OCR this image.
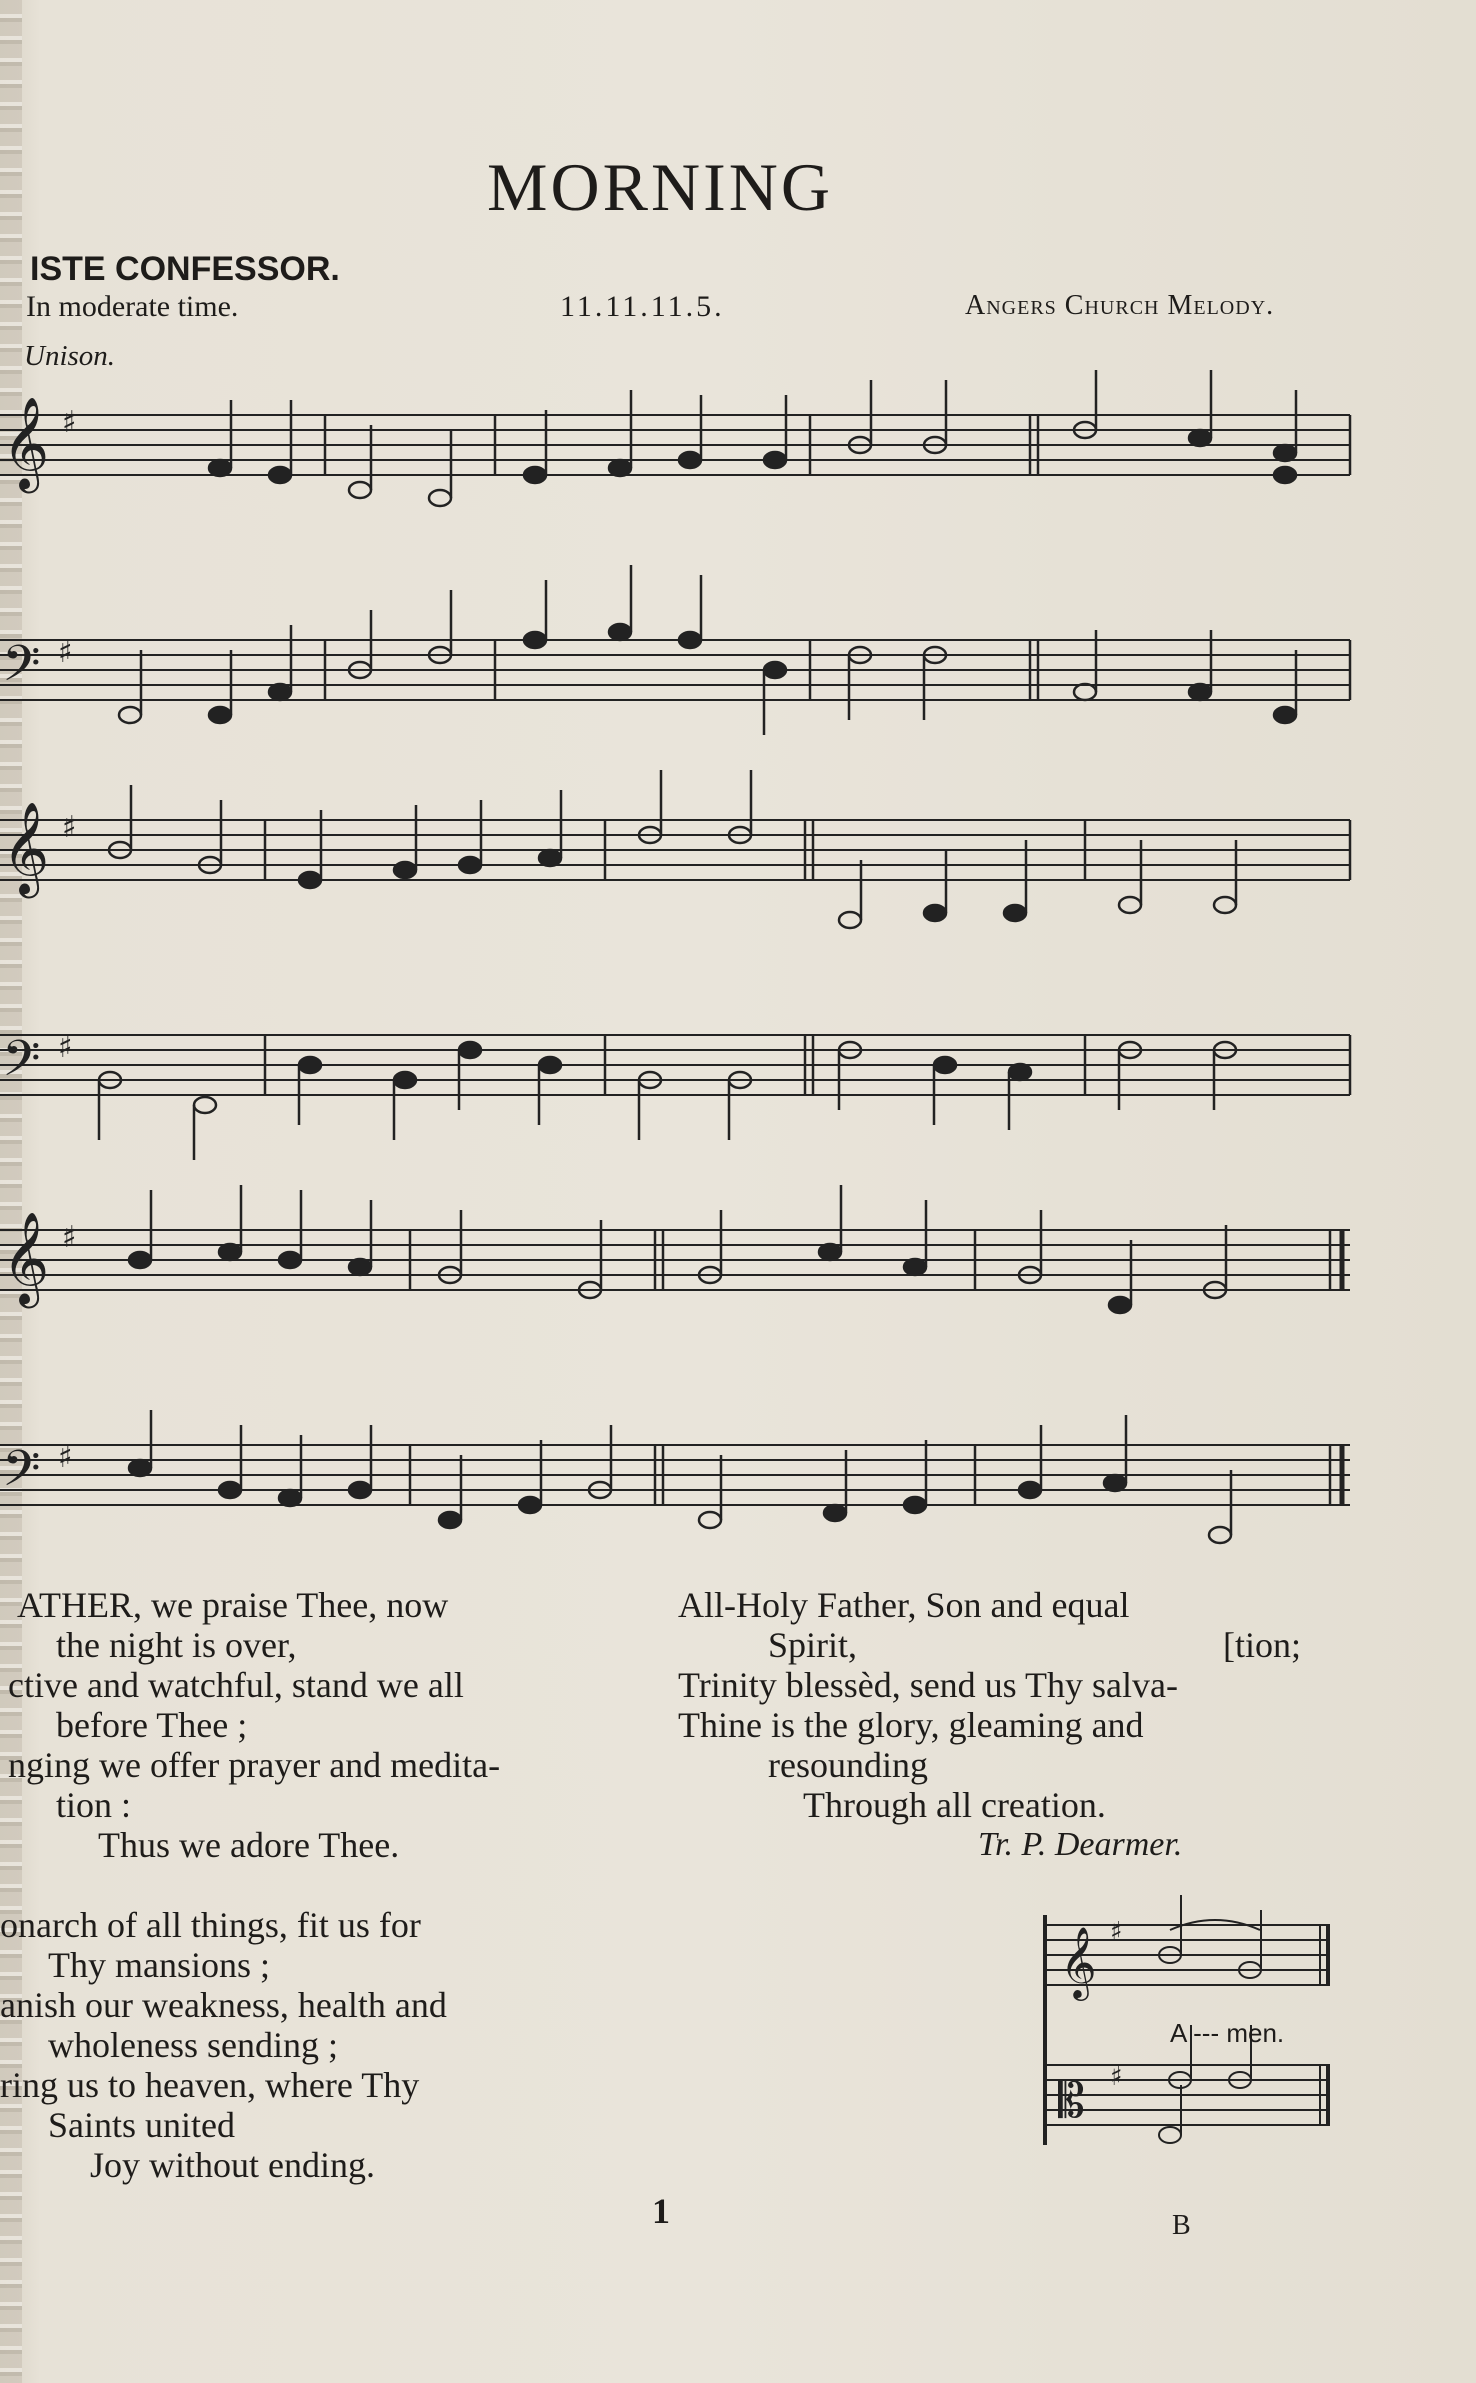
MORNING
ISTE CONFESSOR.
In moderate time.	11.11.11.5.	Angers Church Melody.
Unison.
𝄞 ♯
𝄢 ♯
𝄞 ♯
𝄢 ♯
𝄞 ♯
𝄢 ♯
ATHER, we praise Thee, now
the night is over,
ctive and watchful, stand we all
before Thee ;
nging we offer prayer and medita-
tion :
Thus we adore Thee.
onarch of all things, fit us for
Thy mansions ;
anish our weakness, health and
wholeness sending ;
ring us to heaven, where Thy
Saints united
Joy without ending.
All-Holy Father, Son and equal
Spirit,	[tion;
Trinity blessèd, send us Thy salva-
Thine is the glory, gleaming and
resounding
Through all creation.
Tr. P. Dearmer.
𝄞 ♯
𝄡 ♯
A --- men.
1	B
